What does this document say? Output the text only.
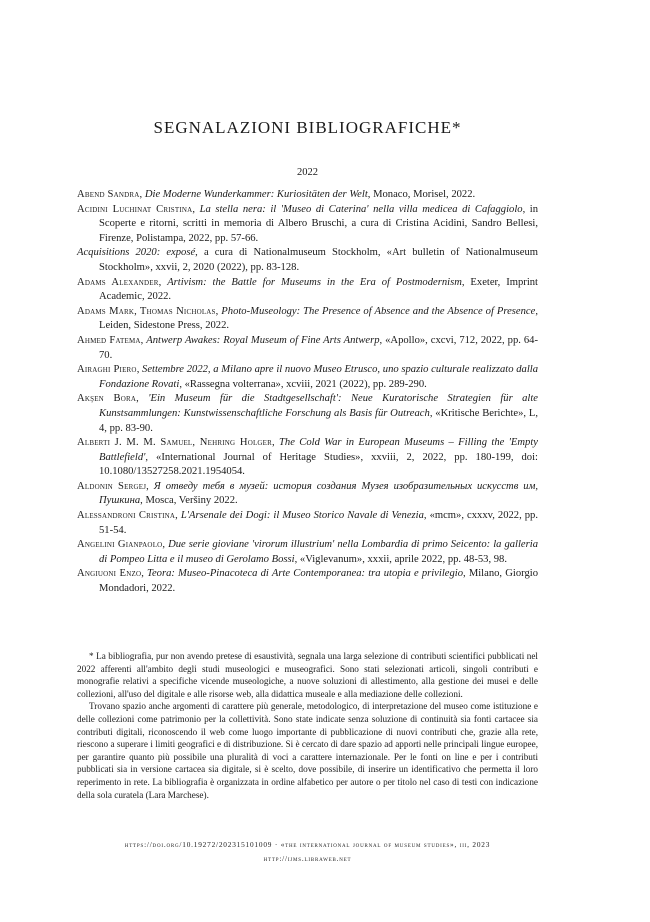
SEGNALAZIONI BIBLIOGRAFICHE*
2022
Abend Sandra, Die Moderne Wunderkammer: Kuriositäten der Welt, Monaco, Morisel, 2022.
Acidini Luchinat Cristina, La stella nera: il 'Museo di Caterina' nella villa medicea di Cafaggiolo, in Scoperte e ritorni, scritti in memoria di Albero Bruschi, a cura di Cristina Acidini, Sandro Bellesi, Firenze, Polistampa, 2022, pp. 57-66.
Acquisitions 2020: exposé, a cura di Nationalmuseum Stockholm, «Art bulletin of Nationalmuseum Stockholm», xxvii, 2, 2020 (2022), pp. 83-128.
Adams Alexander, Artivism: the Battle for Museums in the Era of Postmodernism, Exeter, Imprint Academic, 2022.
Adams Mark, Thomas Nicholas, Photo-Museology: The Presence of Absence and the Absence of Presence, Leiden, Sidestone Press, 2022.
Ahmed Fatema, Antwerp Awakes: Royal Museum of Fine Arts Antwerp, «Apollo», cxcvi, 712, 2022, pp. 64-70.
Airaghi Piero, Settembre 2022, a Milano apre il nuovo Museo Etrusco, uno spazio culturale realizzato dalla Fondazione Rovati, «Rassegna volterrana», xcviii, 2021 (2022), pp. 289-290.
Akşen Bora, 'Ein Museum für die Stadtgesellschaft': Neue Kuratorische Strategien für alte Kunstsammlungen: Kunstwissenschaftliche Forschung als Basis für Outreach, «Kritische Berichte», L, 4, pp. 83-90.
Alberti J. M. M. Samuel, Nehring Holger, The Cold War in European Museums – Filling the 'Empty Battlefield', «International Journal of Heritage Studies», xxviii, 2, 2022, pp. 180-199, doi: 10.1080/13527258.2021.1954054.
Aldonin Sergej, Я отведу тебя в музей: история создания Музея изобразительных искусств им, Пушкина, Mosca, Veršiny 2022.
Alessandroni Cristina, L'Arsenale dei Dogi: il Museo Storico Navale di Venezia, «mcm», cxxxv, 2022, pp. 51-54.
Angelini Gianpaolo, Due serie gioviane 'virorum illustrium' nella Lombardia di primo Seicento: la galleria di Pompeo Litta e il museo di Gerolamo Bossi, «Viglevanum», xxxii, aprile 2022, pp. 48-53, 98.
Angiuoni Enzo, Teora: Museo-Pinacoteca di Arte Contemporanea: tra utopia e privilegio, Milano, Giorgio Mondadori, 2022.

* La bibliografia, pur non avendo pretese di esaustività, segnala una larga selezione di contributi scientifici pubblicati nel 2022 afferenti all'ambito degli studi museologici e museografici. Sono stati selezionati articoli, singoli contributi e monografie relativi a specifiche vicende museologiche, a nuove soluzioni di allestimento, alla gestione dei musei e delle collezioni, all'uso del digitale e alle risorse web, alla didattica museale e alla mediazione delle collezioni.

Trovano spazio anche argomenti di carattere più generale, metodologico, di interpretazione del museo come istituzione e delle collezioni come patrimonio per la collettività. Sono state indicate senza soluzione di continuità sia fonti cartacee sia contributi digitali, riconoscendo il web come luogo importante di pubblicazione di nuovi contributi che, grazie alla rete, riescono a superare i limiti geografici e di distribuzione. Si è cercato di dare spazio ad apporti nelle principali lingue europee, per garantire quanto più possibile una pluralità di voci a carattere internazionale. Per le fonti on line e per i contributi pubblicati sia in versione cartacea sia digitale, si è scelto, dove possibile, di inserire un identificativo che permetta il loro reperimento in rete. La bibliografia è organizzata in ordine alfabetico per autore o per titolo nel caso di testi con indicazione della sola curatela (Lara Marchese).

https://doi.org/10.19272/202315101009 · «the international journal of museum studies», iii, 2023
http://ijms.libraweb.net
